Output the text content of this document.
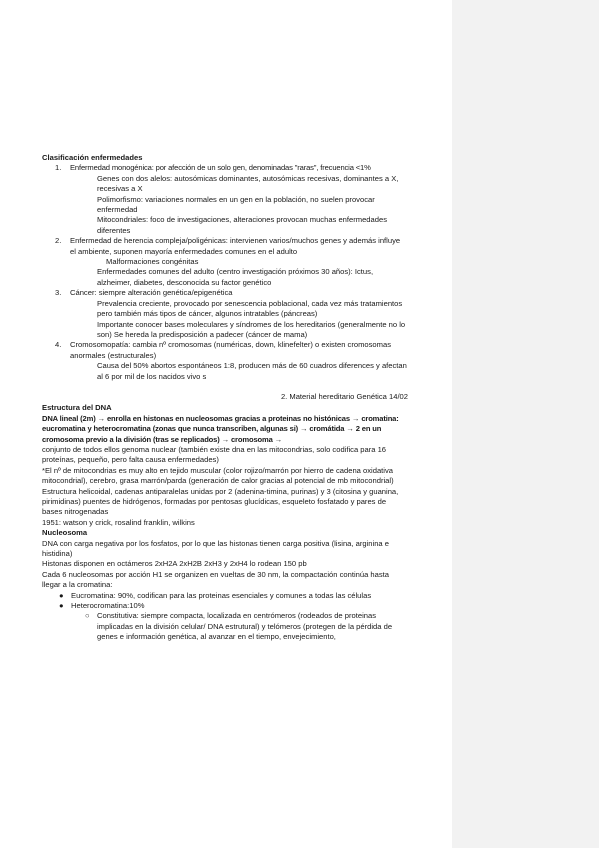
Clasificación enfermedades
1.	Enfermedad monogénica: por afección de un solo gen, denominadas "raras", frecuencia <1%
Genes con dos alelos: autosómicas dominantes, autosómicas recesivas, dominantes a X, recesivas a X
Polimorfismo: variaciones normales en un gen en la población, no suelen provocar enfermedad
Mitocondriales: foco de investigaciones, alteraciones provocan muchas enfermedades diferentes
2.	Enfermedad de herencia compleja/poligénicas: intervienen varios/muchos genes y además influye el ambiente, suponen mayoría enfermedades comunes en el adulto
Malformaciones congénitas
Enfermedades comunes del adulto (centro investigación próximos 30 años): Ictus, alzheimer, diabetes, desconocida su factor genético
3.	Cáncer: siempre alteración genética/epigenética
Prevalencia creciente, provocado por senescencia poblacional, cada vez más tratamientos pero también más tipos de cáncer, algunos intratables (páncreas)
Importante conocer bases moleculares y síndromes de los hereditarios (generalmente no lo son) Se hereda la predisposición a padecer (cáncer de mama)
4.	Cromosomopatía: cambia nº cromosomas (numéricas, down, klinefelter) o existen cromosomas anormales (estructurales)
Causa del 50% abortos espontáneos 1:8, producen más de 60 cuadros diferences y afectan al 6 por mil de los nacidos vivo s
2. Material hereditario Genética 14/02
Estructura del DNA

DNA lineal (2m) → enrolla en histonas en nucleosomas gracias a proteinas no histónicas → cromatina: eucromatina y heterocromatina (zonas que nunca transcriben, algunas si) → cromátida → 2 en un cromosoma previo a la división (tras se replicados) → cromosoma →

conjunto de todos ellos genoma nuclear (también existe dna en las mitocondrias, solo codifica para 16 proteínas, pequeño, pero falta causa enfermedades)

*El nº de mitocondrias es muy alto en tejido muscular (color rojizo/marrón por hierro de cadena oxidativa mitocondrial), cerebro, grasa marrón/parda (generación de calor gracias al potencial de mb mitocondrial)

Estructura helicoidal, cadenas antiparalelas unidas por 2 (adenina-timina, purinas) y 3 (citosina y guanina, pirimidinas) puentes de hidrógenos, formadas por pentosas glucídicas, esqueleto fosfatado y pares de bases nitrogenadas

1951: watson y crick, rosalind franklin, wilkins

Nucleosoma

DNA con carga negativa por los fosfatos, por lo que las histonas tienen carga positiva (lisina, arginina e histidina)

Histonas disponen en octámeros 2xH2A 2xH2B 2xH3 y 2xH4 lo rodean 150 pb

Cada 6 nucleosomas por acción H1 se organizen en vueltas de 30 nm, la compactación continúa hasta llegar a la cromatina:

● Eucromatina: 90%, codifican para las proteinas esenciales y comunes a todas las células
● Heterocromatina:10%
○ Constitutiva: siempre compacta, localizada en centrómeros (rodeados de proteinas implicadas en la división celular/ DNA estrutural) y telómeros (protegen de la pérdida de genes e información genética, al avanzar en el tiempo, envejecimiento,
